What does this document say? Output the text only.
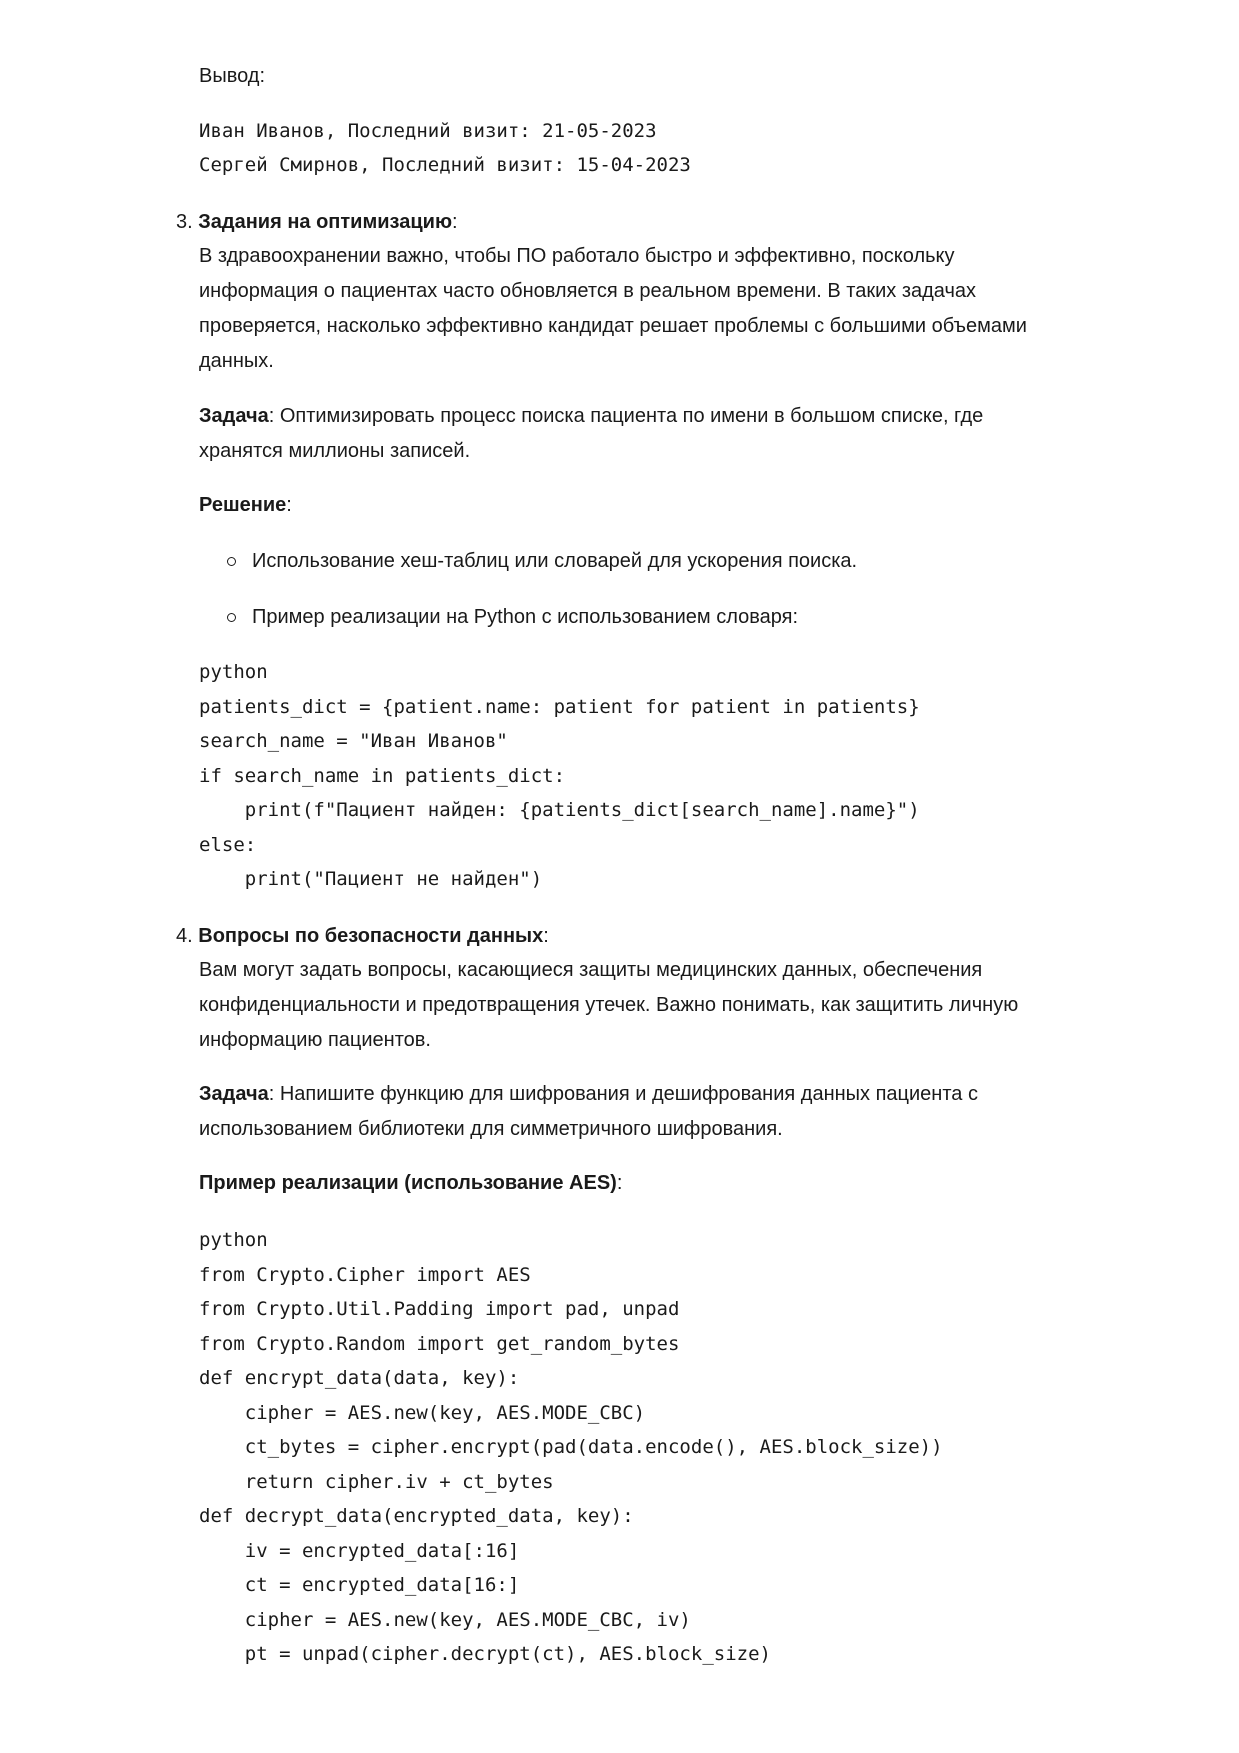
Вывод:
Иван Иванов, Последний визит: 21-05-2023
Сергей Смирнов, Последний визит: 15-04-2023
3. Задания на оптимизацию:
В здравоохранении важно, чтобы ПО работало быстро и эффективно, поскольку
информация о пациентах часто обновляется в реальном времени. В таких задачах
проверяется, насколько эффективно кандидат решает проблемы с большими объемами
данных.
Задача: Оптимизировать процесс поиска пациента по имени в большом списке, где
хранятся миллионы записей.
Решение:
Использование хеш-таблиц или словарей для ускорения поиска.
Пример реализации на Python с использованием словаря:
python
patients_dict = {patient.name: patient for patient in patients}
search_name = "Иван Иванов"
if search_name in patients_dict:
print(f"Пациент найден: {patients_dict[search_name].name}")
else:
print("Пациент не найден")
4. Вопросы по безопасности данных:
Вам могут задать вопросы, касающиеся защиты медицинских данных, обеспечения
конфиденциальности и предотвращения утечек. Важно понимать, как защитить личную
информацию пациентов.
Задача: Напишите функцию для шифрования и дешифрования данных пациента с
использованием библиотеки для симметричного шифрования.
Пример реализации (использование AES):
python
from Crypto.Cipher import AES
from Crypto.Util.Padding import pad, unpad
from Crypto.Random import get_random_bytes
def encrypt_data(data, key):
cipher = AES.new(key, AES.MODE_CBC)
ct_bytes = cipher.encrypt(pad(data.encode(), AES.block_size))
return cipher.iv + ct_bytes
def decrypt_data(encrypted_data, key):
iv = encrypted_data[:16]
ct = encrypted_data[16:]
cipher = AES.new(key, AES.MODE_CBC, iv)
pt = unpad(cipher.decrypt(ct), AES.block_size)
